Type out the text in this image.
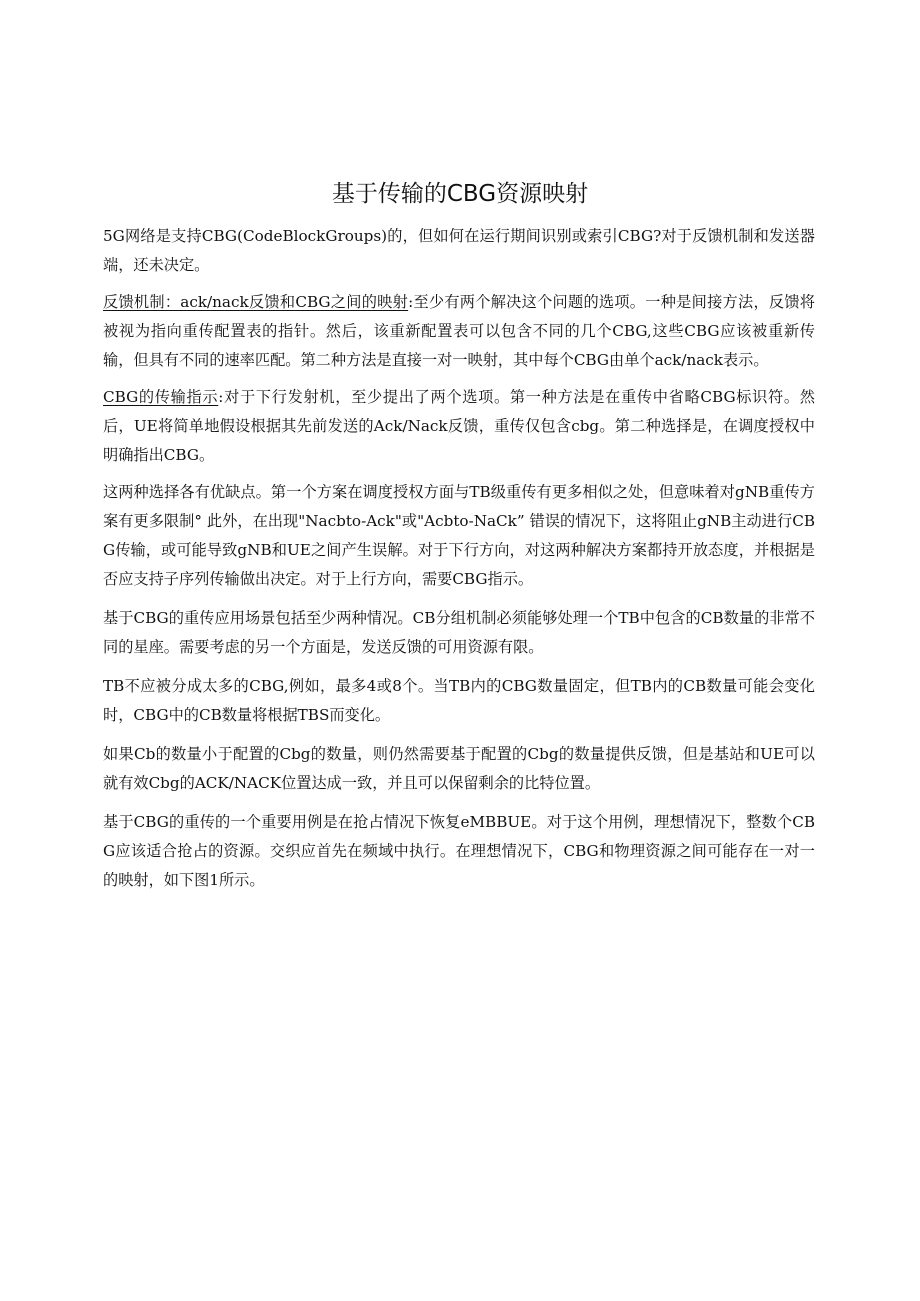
基于传输的CBG资源映射

5G网络是支持CBG(CodeBlockGroups)的，但如何在运行期间识别或索引CBG?对于反馈机制和发送器端，还未决定。

反馈机制：ack/nack反馈和CBG之间的映射:至少有两个解决这个问题的选项。一种是间接方法，反馈将被视为指向重传配置表的指针。然后，该重新配置表可以包含不同的几个CBG,这些CBG应该被重新传输，但具有不同的速率匹配。第二种方法是直接一对一映射，其中每个CBG由单个ack/nack表示。

CBG的传输指示:对于下行发射机，至少提出了两个选项。第一种方法是在重传中省略CBG标识符。然后，UE将简单地假设根据其先前发送的Ack/Nack反馈，重传仅包含cbg。第二种选择是，在调度授权中明确指出CBG。

这两种选择各有优缺点。第一个方案在调度授权方面与TB级重传有更多相似之处，但意味着对gNB重传方案有更多限制° 此外，在出现"Nacbto-Ack"或"Acbto-NaCk” 错误的情况下，这将阻止gNB主动进行CBG传输，或可能导致gNB和UE之间产生误解。对于下行方向，对这两种解决方案都持开放态度，并根据是否应支持子序列传输做出决定。对于上行方向，需要CBG指示。

基于CBG的重传应用场景包括至少两种情况。CB分组机制必须能够处理一个TB中包含的CB数量的非常不同的星座。需要考虑的另一个方面是，发送反馈的可用资源有限。

TB不应被分成太多的CBG,例如，最多4或8个。当TB内的CBG数量固定，但TB内的CB数量可能会变化时，CBG中的CB数量将根据TBS而变化。

如果Cb的数量小于配置的Cbg的数量，则仍然需要基于配置的Cbg的数量提供反馈，但是基站和UE可以就有效Cbg的ACK/NACK位置达成一致，并且可以保留剩余的比特位置。

基于CBG的重传的一个重要用例是在抢占情况下恢复eMBBUE。对于这个用例，理想情况下，整数个CBG应该适合抢占的资源。交织应首先在频域中执行。在理想情况下，CBG和物理资源之间可能存在一对一的映射，如下图1所示。
